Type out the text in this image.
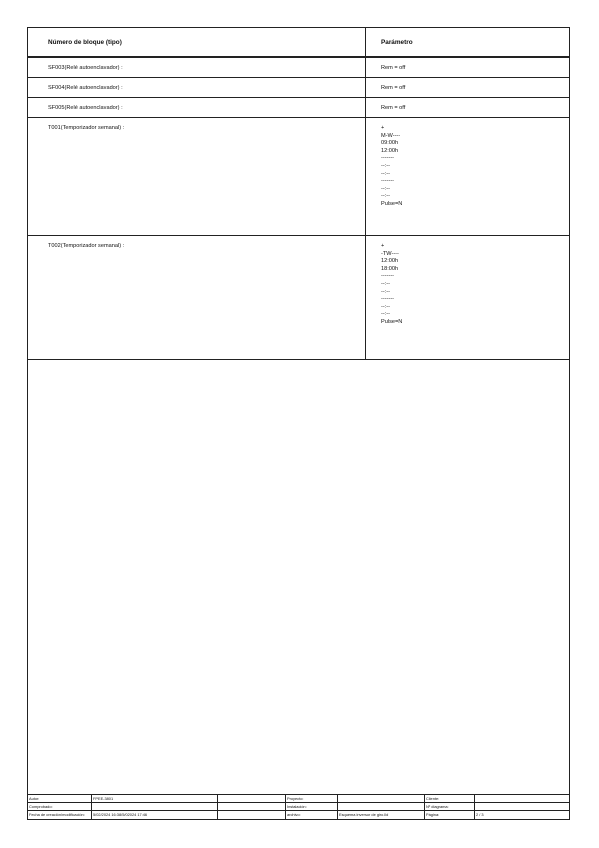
Número de bloque (tipo)	Parámetro
SF003(Relé autoenclavador) :	Rem = off
SF004(Relé autoenclavador) :	Rem = off
SF005(Relé autoenclavador) :	Rem = off
T001(Temporizador semanal) :	+
M-W----
09:00h
12:00h
-------
--:--
--:--
-------
--:--
--:--
Pulse=N
T002(Temporizador semanal) :	+
-TW----
12:00h
18:00h
-------
--:--
--:--
-------
--:--
--:--
Pulse=N
Autor:	FPEE-3801	Proyecto:	Cliente:
Comprobado:	Instalación:	Nº diagrama:
Fecha de creación/modificación:	5/02/2024 16:38/5/02024 17:46	archivo:	Esquema inversor de giro.lld	Página:	2 / 3
